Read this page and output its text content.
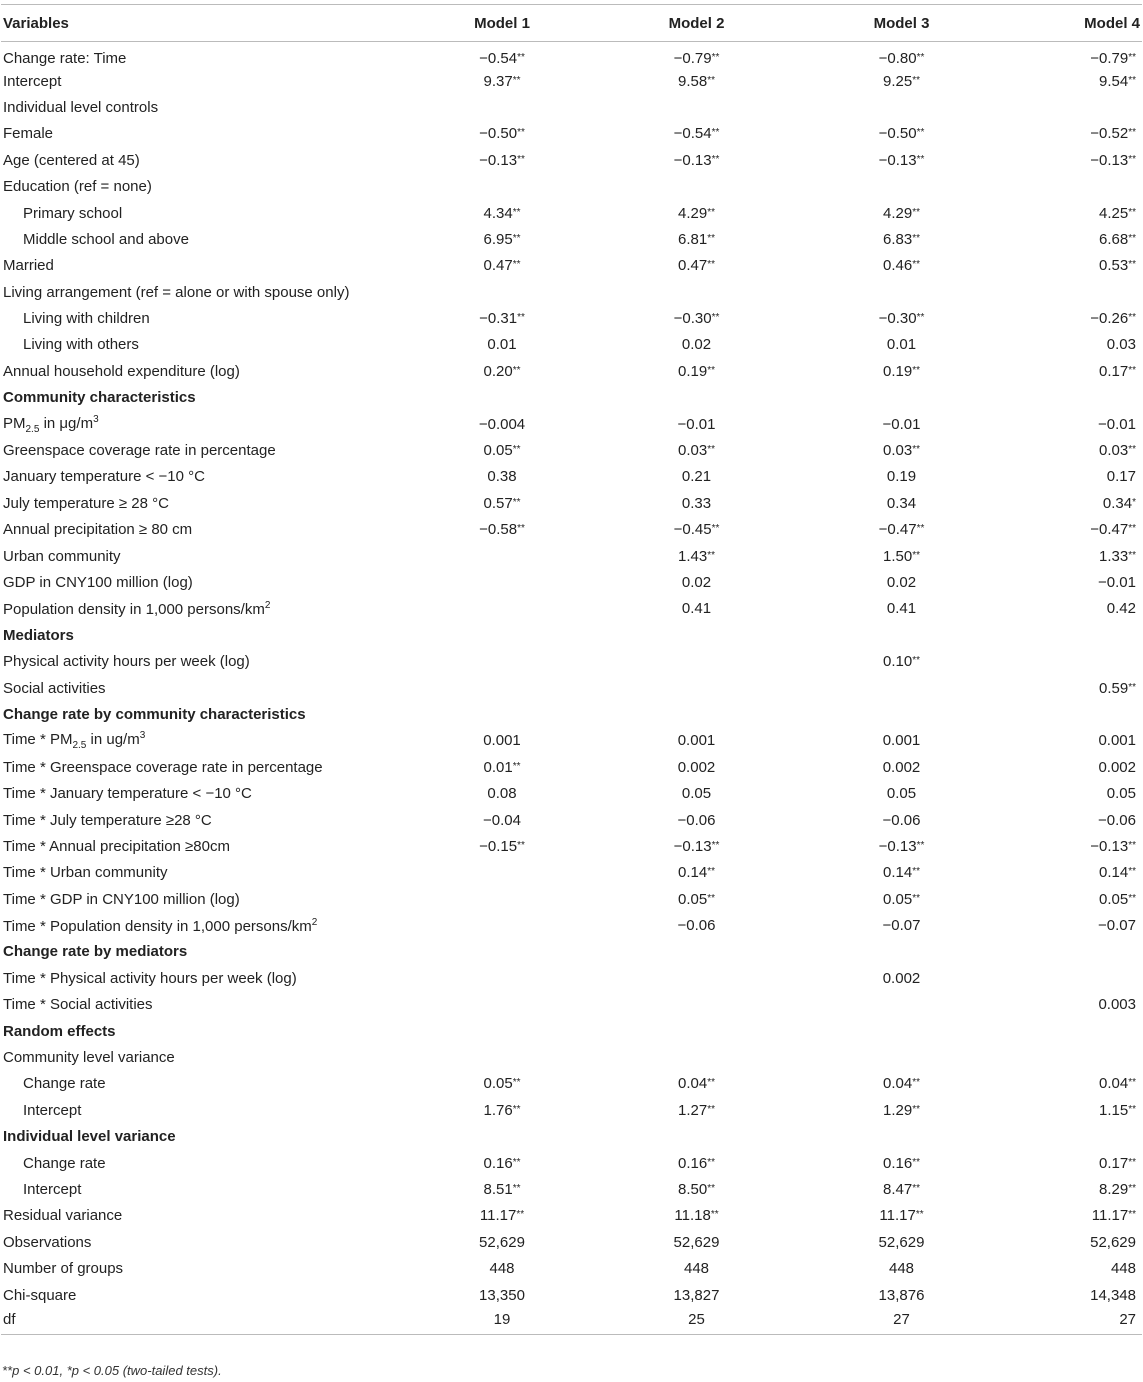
Variables	Model 1	Model 2	Model 3	Model 4
Change rate: Time	−0.54**	−0.79**	−0.80**	−0.79**
Intercept	9.37**	9.58**	9.25**	9.54**
Individual level controls				
Female	−0.50**	−0.54**	−0.50**	−0.52**
Age (centered at 45)	−0.13**	−0.13**	−0.13**	−0.13**
Education (ref = none)				
Primary school	4.34**	4.29**	4.29**	4.25**
Middle school and above	6.95**	6.81**	6.83**	6.68**
Married	0.47**	0.47**	0.46**	0.53**
Living arrangement (ref = alone or with spouse only)				
Living with children	−0.31**	−0.30**	−0.30**	−0.26**
Living with others	0.01	0.02	0.01	0.03
Annual household expenditure (log)	0.20**	0.19**	0.19**	0.17**
Community characteristics				
$PM_{2.5}$ in $\mu g/m^3$	−0.004	−0.01	−0.01	−0.01
Greenspace coverage rate in percentage	0.05**	0.03**	0.03**	0.03**
January temperature < −10 °C	0.38	0.21	0.19	0.17
July temperature ≥ 28 °C	0.57**	0.33	0.34	0.34*
Annual precipitation ≥ 80 cm	−0.58**	−0.45**	−0.47**	−0.47**
Urban community		1.43**	1.50**	1.33**
GDP in CNY100 million (log)		0.02	0.02	−0.01
Population density in 1,000 persons/$km^2$		0.41	0.41	0.42
Mediators				
Physical activity hours per week (log)			0.10**	
Social activities				0.59**
Change rate by community characteristics				
Time * $PM_{2.5}$ in $ug/m^3$	0.001	0.001	0.001	0.001
Time * Greenspace coverage rate in percentage	0.01**	0.002	0.002	0.002
Time * January temperature < −10 °C	0.08	0.05	0.05	0.05
Time * July temperature ≥28 °C	−0.04	−0.06	−0.06	−0.06
Time * Annual precipitation ≥80cm	−0.15**	−0.13**	−0.13**	−0.13**
Time * Urban community		0.14**	0.14**	0.14**
Time * GDP in CNY100 million (log)		0.05**	0.05**	0.05**
Time * Population density in 1,000 persons/$km^2$		−0.06	−0.07	−0.07
Change rate by mediators				
Time * Physical activity hours per week (log)			0.002	
Time * Social activities				0.003
Random effects				
Community level variance				
Change rate	0.05**	0.04**	0.04**	0.04**
Intercept	1.76**	1.27**	1.29**	1.15**
Individual level variance				
Change rate	0.16**	0.16**	0.16**	0.17**
Intercept	8.51**	8.50**	8.47**	8.29**
Residual variance	11.17**	11.18**	11.17**	11.17**
Observations	52,629	52,629	52,629	52,629
Number of groups	448	448	448	448
Chi-square	13,350	13,827	13,876	14,348
df	19	25	27	27
**p < 0.01, *p < 0.05 (two-tailed tests).
